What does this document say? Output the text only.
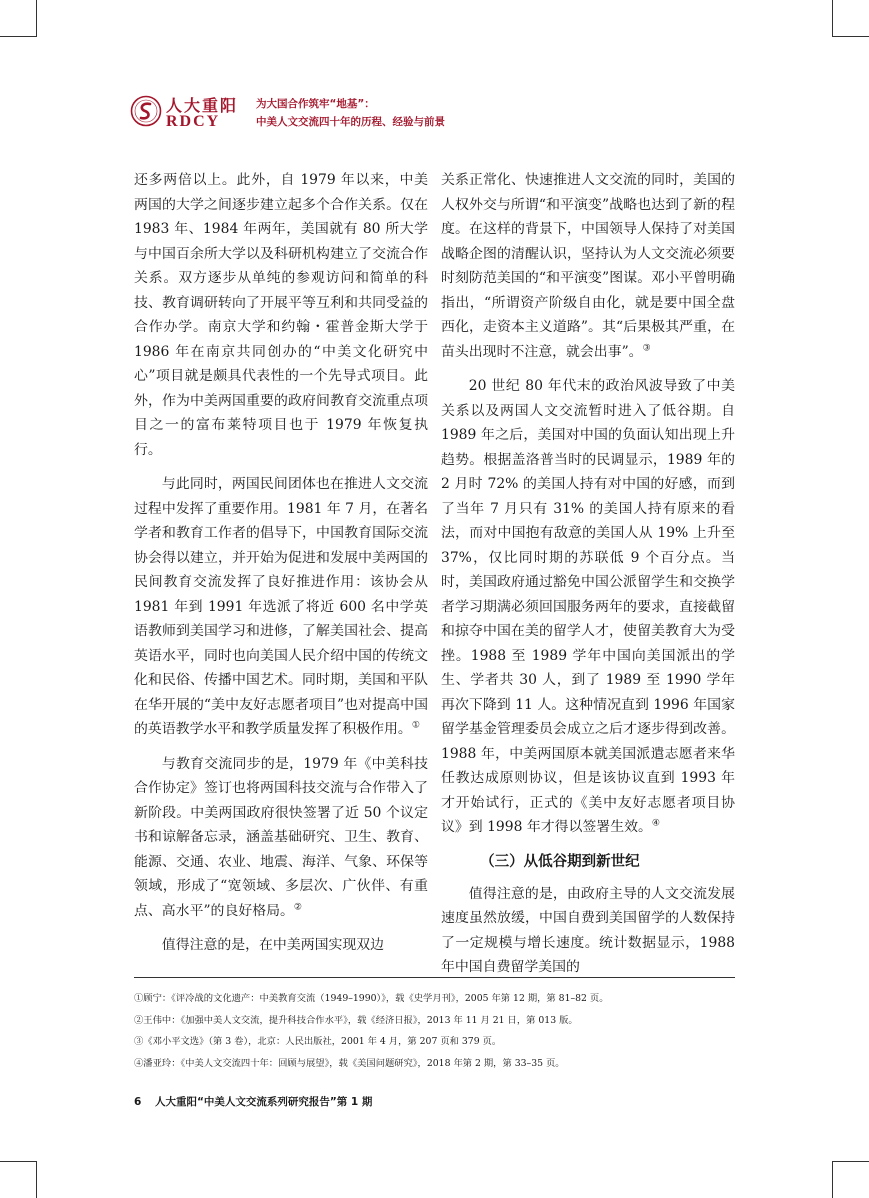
人大重阳
RDCY
为大国合作筑牢“地基”：
中美人文交流四十年的历程、经验与前景

还多两倍以上。此外，自 1979 年以来，中美两国的大学之间逐步建立起多个合作关系。仅在 1983 年、1984 年两年，美国就有 80 所大学与中国百余所大学以及科研机构建立了交流合作关系。双方逐步从单纯的参观访问和简单的科技、教育调研转向了开展平等互利和共同受益的合作办学。南京大学和约翰・霍普金斯大学于 1986 年在南京共同创办的“中美文化研究中心”项目就是颇具代表性的一个先导式项目。此外，作为中美两国重要的政府间教育交流重点项目之一的富布莱特项目也于 1979 年恢复执行。

与此同时，两国民间团体也在推进人文交流过程中发挥了重要作用。1981 年 7 月，在著名学者和教育工作者的倡导下，中国教育国际交流协会得以建立，并开始为促进和发展中美两国的民间教育交流发挥了良好推进作用：该协会从 1981 年到 1991 年选派了将近 600 名中学英语教师到美国学习和进修，了解美国社会、提高英语水平，同时也向美国人民介绍中国的传统文化和民俗、传播中国艺术。同时期，美国和平队在华开展的“美中友好志愿者项目”也对提高中国的英语教学水平和教学质量发挥了积极作用。①

与教育交流同步的是，1979 年《中美科技合作协定》签订也将两国科技交流与合作带入了新阶段。中美两国政府很快签署了近 50 个议定书和谅解备忘录，涵盖基础研究、卫生、教育、能源、交通、农业、地震、海洋、气象、环保等领域，形成了“宽领域、多层次、广伙伴、有重点、高水平”的良好格局。②

值得注意的是，在中美两国实现双边

关系正常化、快速推进人文交流的同时，美国的人权外交与所谓“和平演变”战略也达到了新的程度。在这样的背景下，中国领导人保持了对美国战略企图的清醒认识，坚持认为人文交流必须要时刻防范美国的“和平演变”图谋。邓小平曾明确指出，“所谓资产阶级自由化，就是要中国全盘西化，走资本主义道路”。其“后果极其严重，在苗头出现时不注意，就会出事”。③

20 世纪 80 年代末的政治风波导致了中美关系以及两国人文交流暂时进入了低谷期。自 1989 年之后，美国对中国的负面认知出现上升趋势。根据盖洛普当时的民调显示，1989 年的 2 月时 72% 的美国人持有对中国的好感，而到了当年 7 月只有 31% 的美国人持有原来的看法，而对中国抱有敌意的美国人从 19% 上升至 37%，仅比同时期的苏联低 9 个百分点。当时，美国政府通过豁免中国公派留学生和交换学者学习期满必须回国服务两年的要求，直接截留和掠夺中国在美的留学人才，使留美教育大为受挫。1988 至 1989 学年中国向美国派出的学生、学者共 30 人，到了 1989 至 1990 学年再次下降到 11 人。这种情况直到 1996 年国家留学基金管理委员会成立之后才逐步得到改善。1988 年，中美两国原本就美国派遣志愿者来华任教达成原则协议，但是该协议直到 1993 年才开始试行，正式的《美中友好志愿者项目协议》到 1998 年才得以签署生效。④

（三）从低谷期到新世纪

值得注意的是，由政府主导的人文交流发展速度虽然放缓，中国自费到美国留学的人数保持了一定规模与增长速度。统计数据显示，1988 年中国自费留学美国的

①顾宁：《评冷战的文化遗产：中美教育交流（1949–1990）》，载《史学月刊》，2005 年第 12 期，第 81–82 页。
②王伟中：《加强中美人文交流，提升科技合作水平》，载《经济日报》，2013 年 11 月 21 日，第 013 版。
③《邓小平文选》（第 3 卷），北京：人民出版社，2001 年 4 月，第 207 页和 379 页。
④潘亚玲：《中美人文交流四十年：回顾与展望》，载《美国问题研究》，2018 年第 2 期，第 33–35 页。
6 人大重阳“中美人文交流系列研究报告”第 1 期
